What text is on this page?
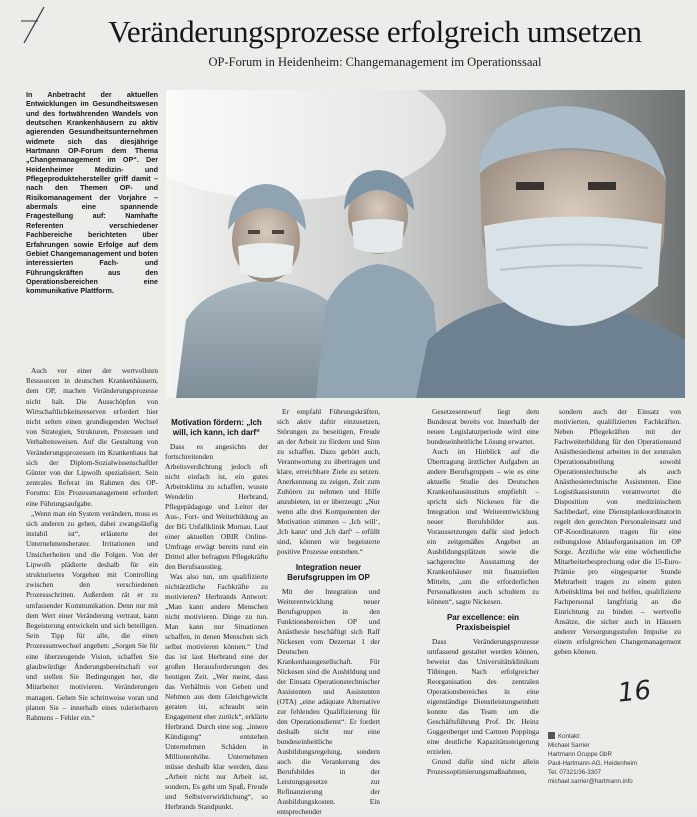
Veränderungsprozesse erfolgreich umsetzen
OP-Forum in Heidenheim: Changemanagement im Operationssaal
In Anbetracht der aktuellen Entwicklungen im Gesundheitswesen und des fortwährenden Wandels von deutschen Krankenhäusern zu aktiv agierenden Gesundheitsunternehmen widmete sich das diesjährige Hartmann OP-Forum dem Thema „Changemanagement im OP“. Der Heidenheimer Medizin- und Pflegeproduktehersteller griff damit – nach den Themen OP- und Risikomanagement der Vorjahre – abermals eine spannende Fragestellung auf: Namhafte Referenten verschiedener Fachbereiche berichteten über Erfahrungen sowie Erfolge auf dem Gebiet Changemanagement und boten interessierten Fach- und Führungskräften aus den Operationsbereichen eine kommunikative Plattform.

Auch vor einer der wertvollsten Ressourcen in deutschen Krankenhäusern, dem OP, machen Veränderungsprozesse nicht halt. Die Ausschöpfen von Wirtschaftlichkeitsreserven erfordert hier nicht selten einen grundlegenden Wechsel von Strategien, Strukturen, Prozessen und Verhaltensweisen. Auf die Gestaltung von Veränderungsprozessen im Krankenhaus hat sich der Diplom-Sozialwissenschaftler Günter von der Lipwolh spezialisiert. Sein zentrales Referat im Rahmen des OP-Forums: Ein Prozessmanagement erfordert eine Führungsaufgabe.

„Wenn man ein System verändern, muss es sich anderen zu gehen, dabei zwangsläufig instabil ist“, erläuterte der Unternehmensberater. Irritationen und Unsicherheiten und die Folgen. Von der Lipwolh plädierte deshalb für ein strukturiertes Vorgehen mit Controlling zwischen den verschiedenen Prozessschritten. Außerdem rät er zu umfassender Kommunikation. Denn nur mit dem Wert einer Veränderung vertraut, kann Begeisterung entwickeln und sich beteiligen. Sein Tipp für alle, die einen Prozessumwechsel angehen: „Sorgen Sie für eine überzeugende Vision, schaffen Sie glaubwürdige Änderungsbereitschaft vor und stellen Sie Bedingungen her, die Mitarbeiter motivieren. Veränderungen managen. Gehen Sie schrittweise voran und planen Sie – innerhalb eines tolerierbaren Rahmens – Fehler ein.“

Motivation fördern: „Ich will, ich kann, ich darf“

Dass es angesichts der fortschreitenden Arbeitsverdichtung jedoch oft nicht einfach ist, ein gutes Arbeitsklima zu schaffen, wusste Wendelin Herbrand, Pflegepädagoge und Leiter der Aus-, Fort- und Weiterbildung an der BG Unfallklinik Murnau. Laut einer aktuellen OBIR Online-Umfrage erwägt bereits rund ein Drittel aller befragten Pflegekräfte den Berufsausstieg.

Was also tun, um qualifizierte nichtärztliche Fachkräfte zu motivieren? Herbrands Antwort: „Man kann andere Menschen nicht motivieren. Dinge zu tun. Man kann nur Situationen schaffen, in denen Menschen sich selbst motivieren können.“ Und das ist laut Herbrand eine der großen Herausforderungen des heutigen Zeit. „Wer meint, dass das Verhältnis von Geben und Nehmen aus dem Gleichgewicht geraten ist, schraubt sein Engagement eher zurück“, erklärte Herbrand. Durch eine sog. „innere Kündigung“ entstehen Unternehmen Schäden in Millionenhöhe. Unternehmen müsse deshalb klar werden, dass „Arbeit nicht nur Arbeit ist, sondern, Es geht um Spaß, Freude und Selbstverwirklichung“, so Herbrands Standpunkt.

Er empfahl Führungskräften, sich aktiv daftir einzusetzen, Störungen zu beseitigen, Freude an der Arbeit zu fördern und Sinn zu schaffen. Dazu gehört auch, Verantwortung zu übertragen und klare, erreichbare Ziele zu setzen. Anerkennung zu zeigen, Zeit zum Zuhören zu nehmen und Hilfe anzubieten, ist er überzeugt: „Nur wenn alle drei Komponenten der Motivation stimmen – ,Ich will‘, ,Ich kann‘ und ,Ich darf‘ – erfüllt sind, können wir begeisterte positive Prozesse entstehen.“

Integration neuer Berufsgruppen im OP

Mit der Integration und Weiterentwicklung neuer Berufsgruppen in den Funktionsbereichen OP und Anästhesie beschäftigt sich Ralf Nickesen vom Dezernat 1 der Deutschen Krankenhausgesellschaft. Für Nickesen sind die Ausbildung und der Einsatz Operationstechnischer Assistenten und Assistenten (OTA) „eine adäquate Alternative zur fehlenden Qualifizierung für den Operationsdienst“. Er fordert deshalb nicht nur eine bundeseinheitliche Ausbildungsregelung, sondern auch die Verankerung des Berufsbildes in der Leistungsgesetze zur Refinanzierung der Ausbildungskosten. Ein entsprechender

Gesetzesentwurf liegt dem Bundesrat bereits vor. Innerhalb der neuen Legislaturperiode wird eine bundeseinheitliche Lösung erwartet.

Auch im Hinblick auf die Übertragung ärztlicher Aufgaben an andere Berufsgruppen – wie es eine aktuelle Studie des Deutschen Krankenhausinstituts empfiehlt – spricht sich Nickesen für die Integration und Weiterentwicklung neuer Berufsbilder aus. Voraussetzungen dafür sind jedoch ein zeitgemäßes Angebot an Ausbildungsplätzen sowie die sachgerechte Ausstattung der Krankenhäuser mit finanziellen Mitteln, „um die erforderlichen Personalkosten auch schultern zu können“, sagte Nickesen.

Par excellence: ein Praxisbeispiel

Dass Veränderungsprozesse umfassend gestaltet werden können, beweist das Universitätsklinikum Tübingen. Nach erfolgreicher Reorganisation des zentralen Operationsbereiches in eine eigenständige Dienstleistungseinheit konnte das Team um die Geschäftsführung Prof. Dr. Heinz Guggenberger und Carmen Poppinga eine deutliche Kapazitätssteigerung erzielen.

Grund dafür sind nicht allein Prozessoptimierungsmaßnahmen,

sondern auch der Einsatz von motivierten, qualifizierten Fachkräften. Neben Pflegekräften mit der Fachweiterbildung für den Operationsund Anästhesiedienst arbeiten in der zentralen Operationsabteilung sowohl Operationstechnische als auch Anästhesietechnische Assistenten. Eine Logistikassistentin verantwortet die Disposition von medizinischem Sachbedarf, eine Dienstplankoordinatorin regelt den gerechten Personaleinsatz und OP-Koordinatoren tragen für eine reibungslose Ablauforganisation im OP Sorge. Ärztliche wie eine wöchentliche Mitarbeiterbesprechung oder die 15-Euro-Prämie pro eingesparter Stunde Mehrarbeit tragen zu einem guten Arbeitsklima bei und helfen, qualifizierte Fachpersonal langfristig an die Einrichtung zu binden – wertvolle Ansätze, die sicher auch in Häusern anderer Versorgungsstufen Impulse zu einem erfolgreichen Changemanagement geben können.

16
Kontakt:
Michael Sarrier
Hartmann Gruppe GbR
Paul-Hartmann-AG, Heidenheim
Tel. 07321/36-3307
michael.sarrier@hartmann.info
